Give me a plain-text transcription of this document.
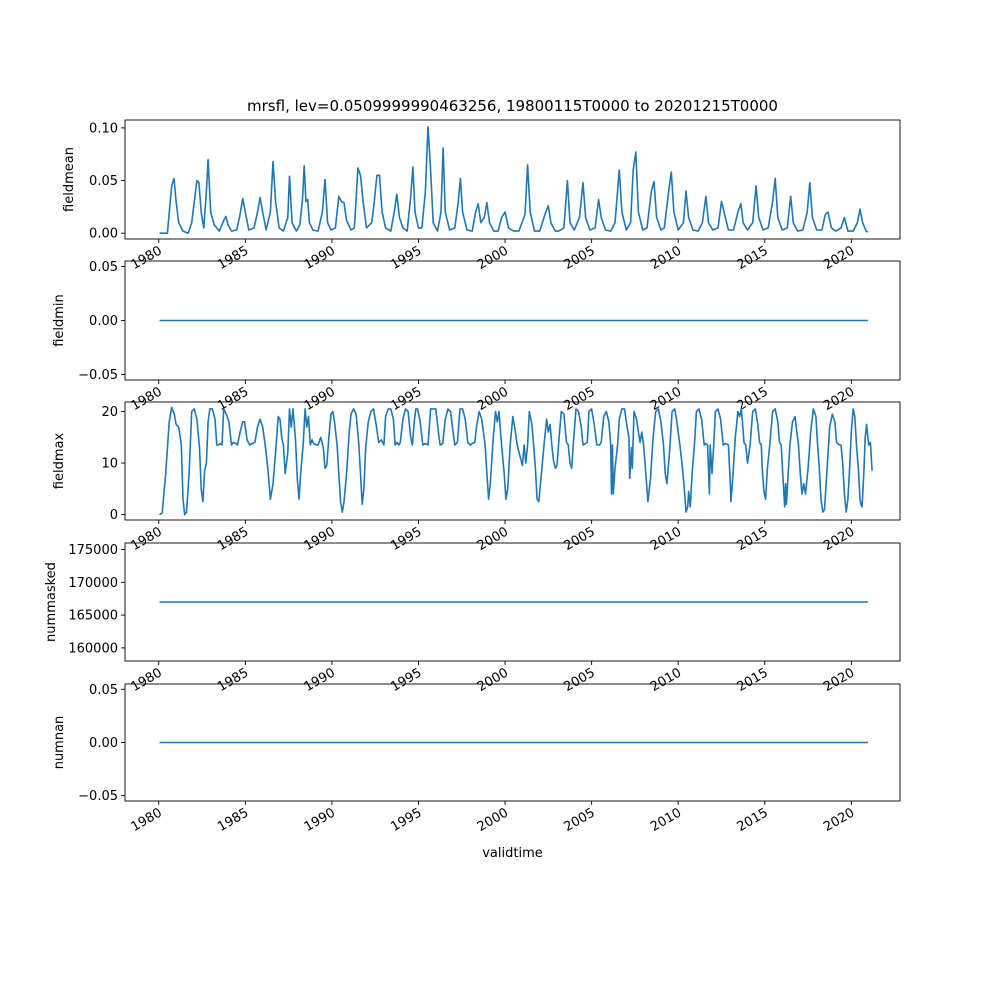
mrsfl, lev=0.0509999990463256, 19800115T0000 to 20201215T0000
validtime
0.00
0.05
0.10
fieldmean
1980	1985	1990	1995	2000	2005	2010	2015	2020
−0.05
0.00
0.05
fieldmin
1980	1985	1990	1995	2000	2005	2010	2015	2020
0
10
20
fieldmax
1980	1985	1990	1995	2000	2005	2010	2015	2020
160000
165000
170000
175000
nummasked
1980	1985	1990	1995	2000	2005	2010	2015	2020
−0.05
0.00
0.05
numnan
1980	1985	1990	1995	2000	2005	2010	2015	2020
